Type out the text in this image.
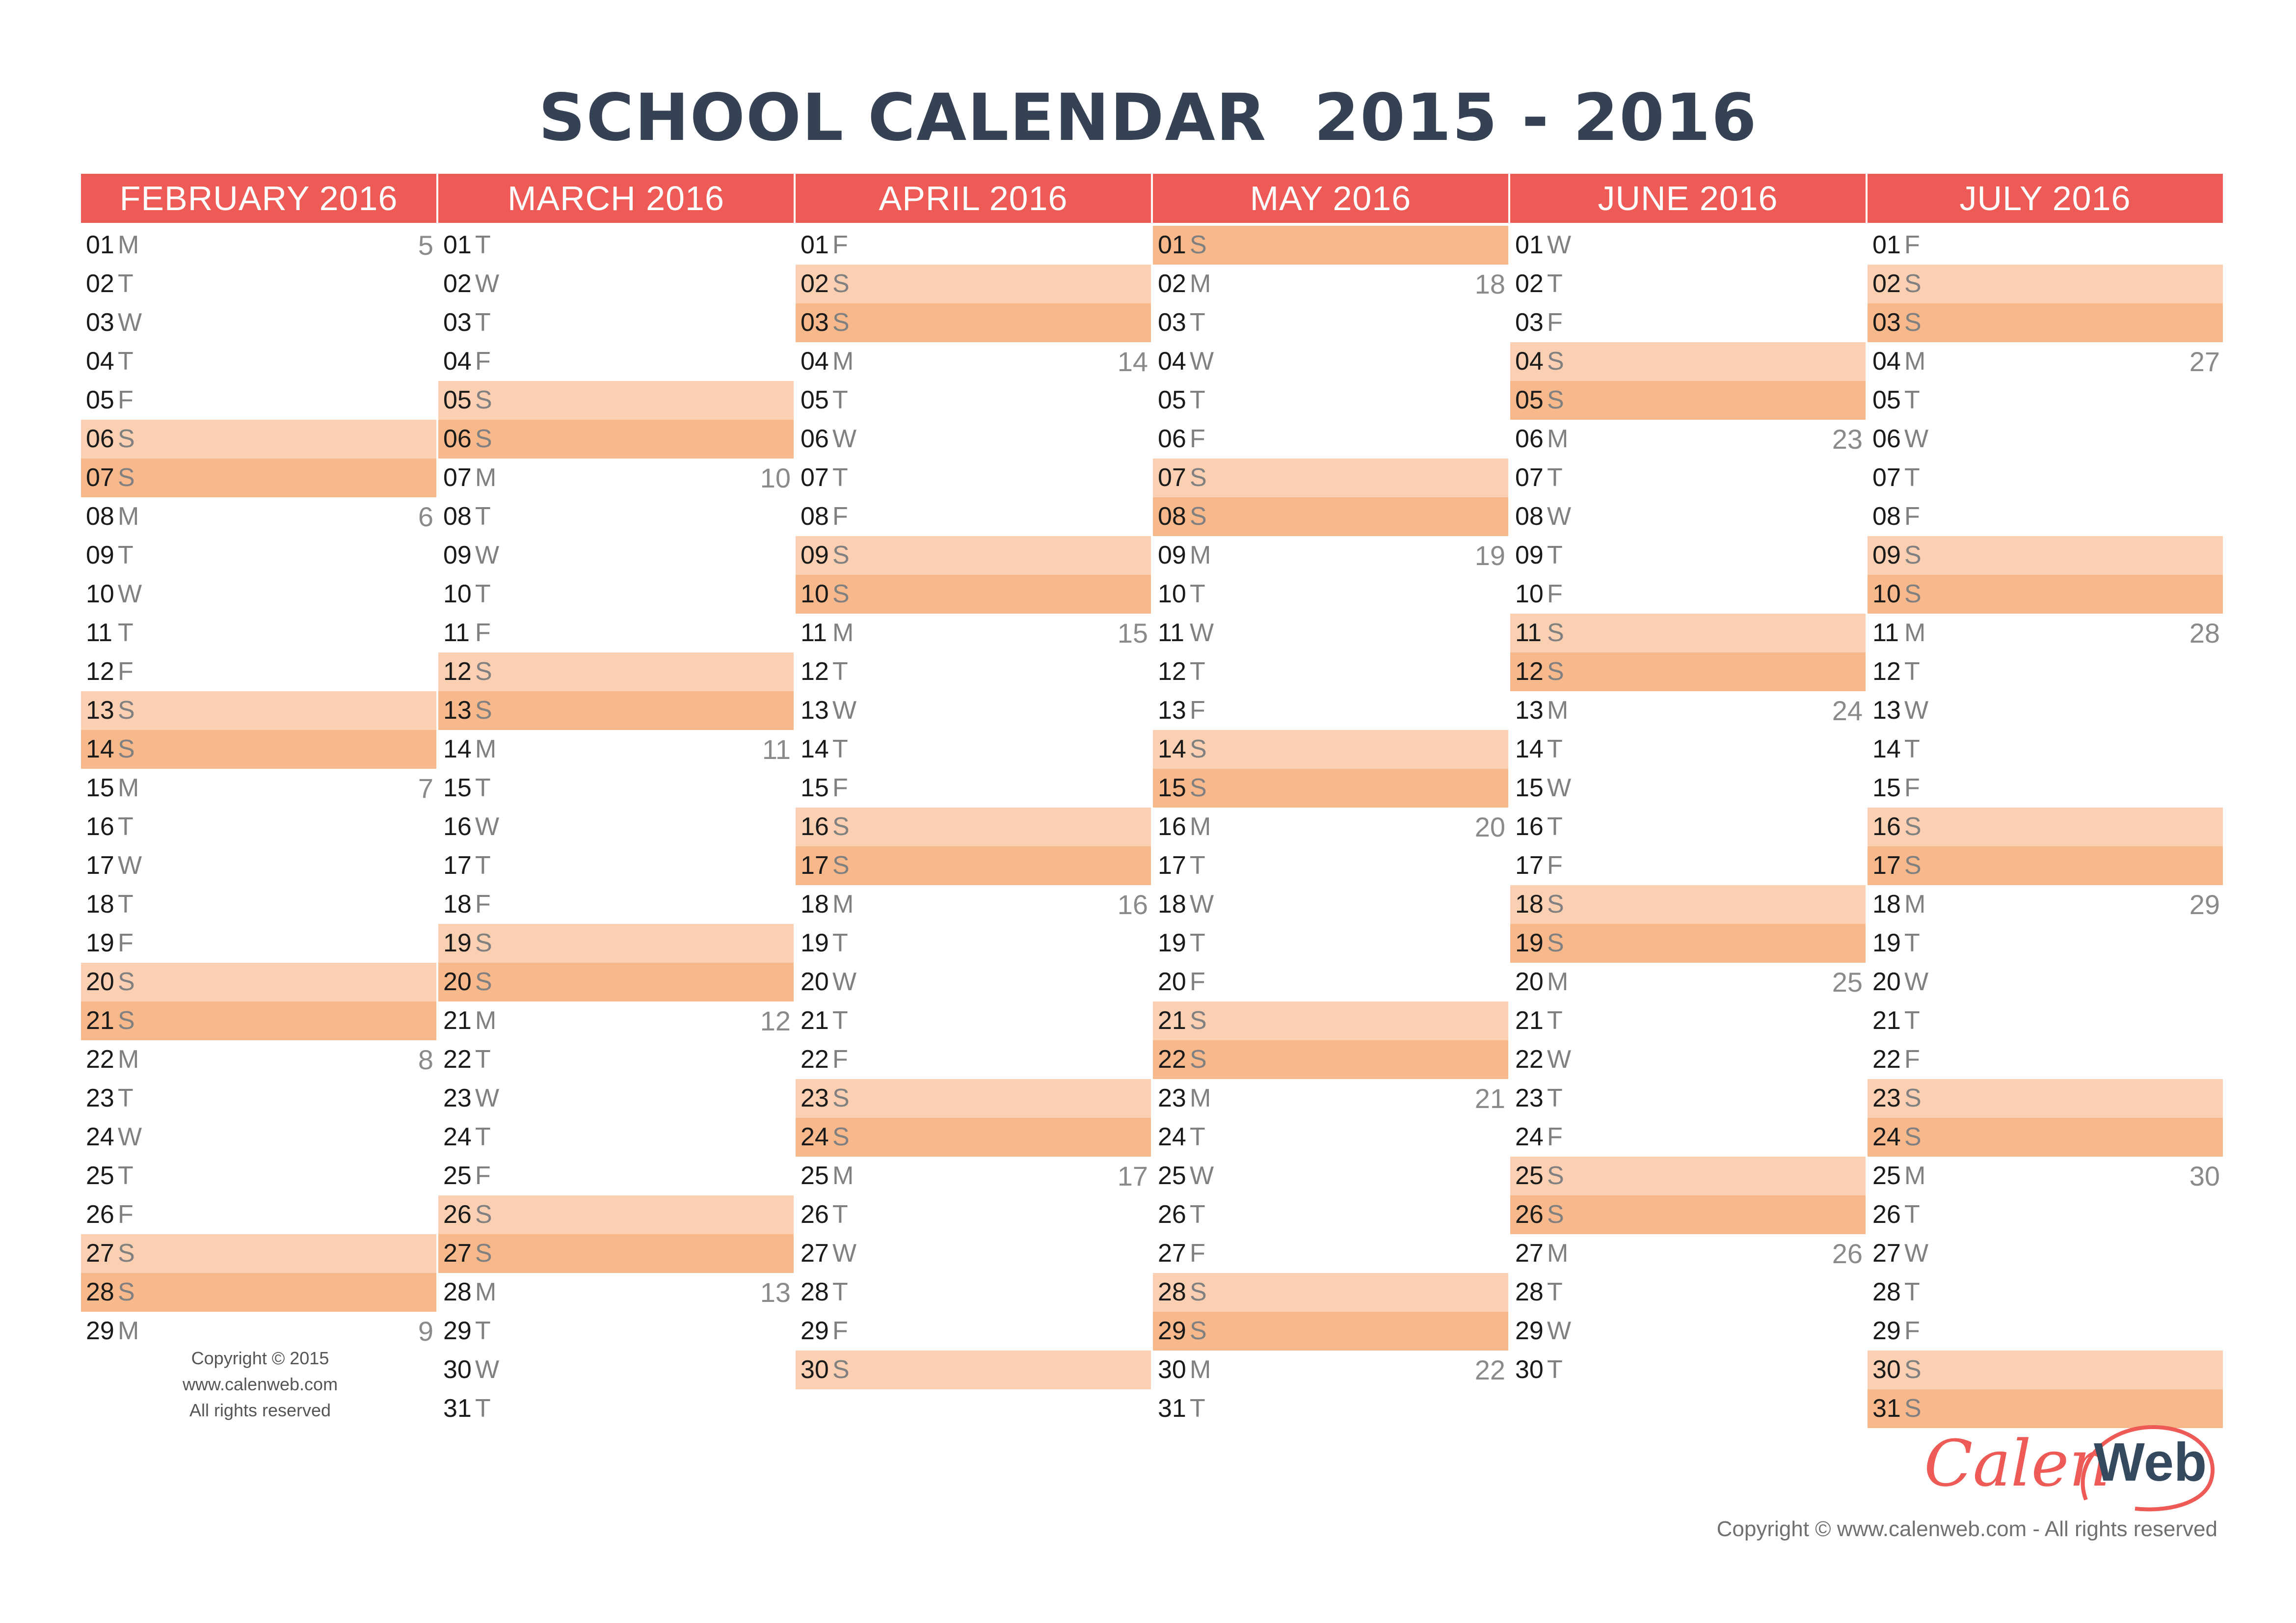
SCHOOL CALENDAR  2015 - 2016
FEBRUARY 2016
01 M	5
02 T
03 W
04 T
05 F
06 S
07 S
08 M	6
09 T
10 W
11 T
12 F
13 S
14 S
15 M	7
16 T
17 W
18 T
19 F
20 S
21 S
22 M	8
23 T
24 W
25 T
26 F
27 S
28 S
29 M	9
MARCH 2016
01 T
02 W
03 T
04 F
05 S
06 S
07 M	10
08 T
09 W
10 T
11 F
12 S
13 S
14 M	11
15 T
16 W
17 T
18 F
19 S
20 S
21 M	12
22 T
23 W
24 T
25 F
26 S
27 S
28 M	13
29 T
30 W
31 T
APRIL 2016
01 F
02 S
03 S
04 M	14
05 T
06 W
07 T
08 F
09 S
10 S
11 M	15
12 T
13 W
14 T
15 F
16 S
17 S
18 M	16
19 T
20 W
21 T
22 F
23 S
24 S
25 M	17
26 T
27 W
28 T
29 F
30 S
MAY 2016
01 S
02 M	18
03 T
04 W
05 T
06 F
07 S
08 S
09 M	19
10 T
11 W
12 T
13 F
14 S
15 S
16 M	20
17 T
18 W
19 T
20 F
21 S
22 S
23 M	21
24 T
25 W
26 T
27 F
28 S
29 S
30 M	22
31 T
JUNE 2016
01 W
02 T
03 F
04 S
05 S
06 M	23
07 T
08 W
09 T
10 F
11 S
12 S
13 M	24
14 T
15 W
16 T
17 F
18 S
19 S
20 M	25
21 T
22 W
23 T
24 F
25 S
26 S
27 M	26
28 T
29 W
30 T
JULY 2016
01 F
02 S
03 S
04 M	27
05 T
06 W
07 T
08 F
09 S
10 S
11 M	28
12 T
13 W
14 T
15 F
16 S
17 S
18 M	29
19 T
20 W
21 T
22 F
23 S
24 S
25 M	30
26 T
27 W
28 T
29 F
30 S
31 S
Copyright © 2015
www.calenweb.com
All rights reserved
Calen
Web
Copyright © www.calenweb.com - All rights reserved
